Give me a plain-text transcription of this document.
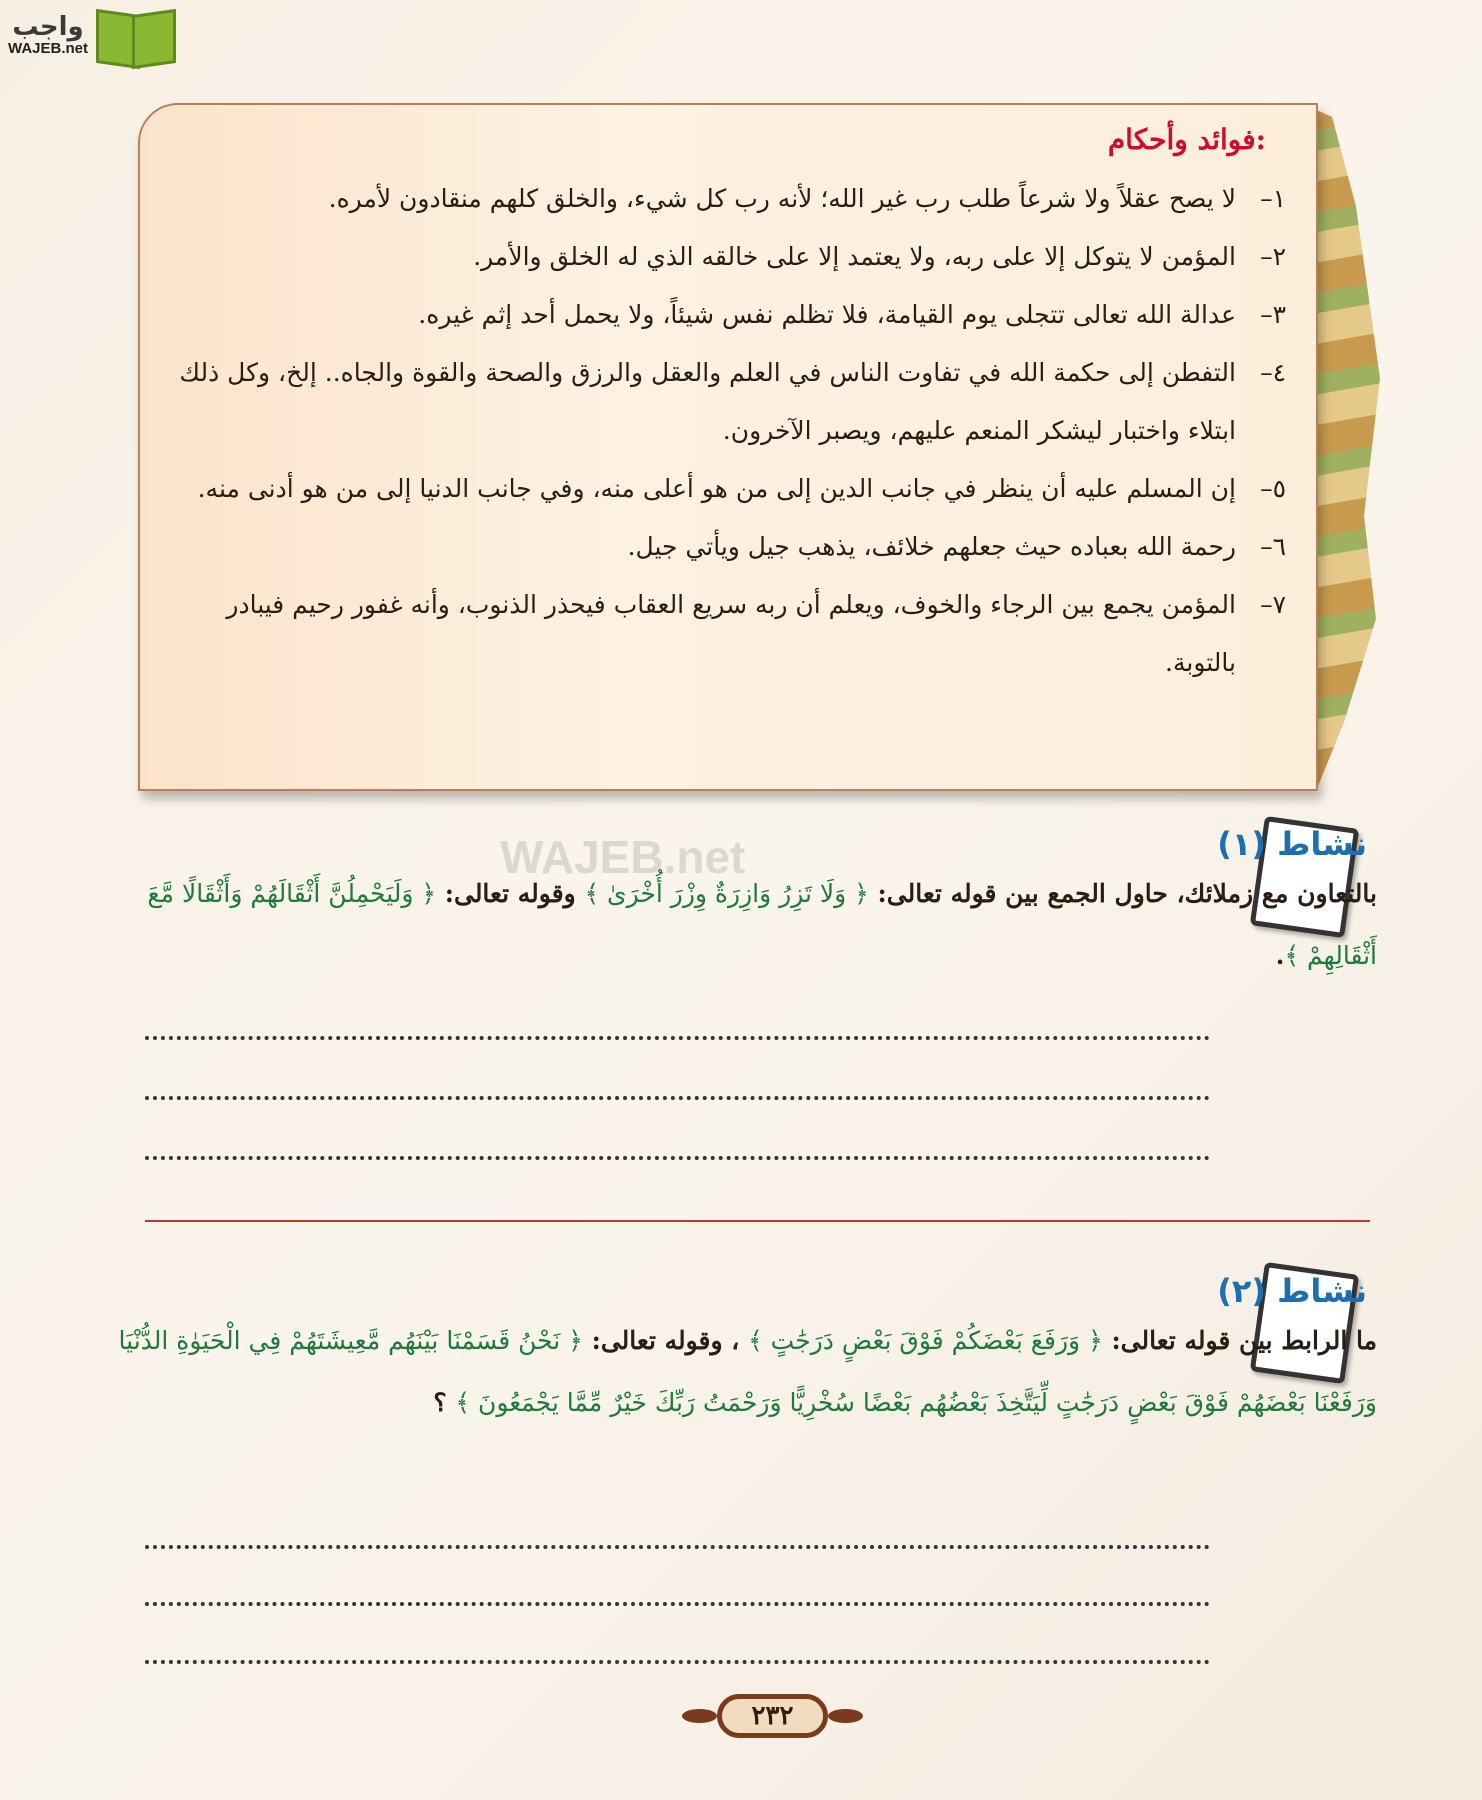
واجب
WAJEB.net
فوائد وأحكام:
١–
لا يصح عقلاً ولا شرعاً طلب رب غير الله؛ لأنه رب كل شيء، والخلق كلهم منقادون لأمره.
٢–
المؤمن لا يتوكل إلا على ربه، ولا يعتمد إلا على خالقه الذي له الخلق والأمر.
٣–
عدالة الله تعالى تتجلى يوم القيامة، فلا تظلم نفس شيئاً، ولا يحمل أحد إثم غيره.
٤–
التفطن إلى حكمة الله في تفاوت الناس في العلم والعقل والرزق والصحة والقوة والجاه.. إلخ، وكل ذلك ابتلاء واختبار ليشكر المنعم عليهم، ويصبر الآخرون.
٥–
إن المسلم عليه أن ينظر في جانب الدين إلى من هو أعلى منه، وفي جانب الدنيا إلى من هو أدنى منه.
٦–
رحمة الله بعباده حيث جعلهم خلائف، يذهب جيل ويأتي جيل.
٧–
المؤمن يجمع بين الرجاء والخوف، ويعلم أن ربه سريع العقاب فيحذر الذنوب، وأنه غفور رحيم فيبادر بالتوبة.
WAJEB.net	نشاط (١)
بالتعاون مع زملائك، حاول الجمع بين قوله تعالى: ﴿ وَلَا تَزِرُ وَازِرَةٌ وِزْرَ أُخْرَىٰ ﴾ وقوله تعالى: ﴿ وَلَيَحْمِلُنَّ أَثْقَالَهُمْ وَأَثْقَالًا مَّعَ أَثْقَالِهِمْ ﴾.
نشاط (٢)
ما الرابط بين قوله تعالى: ﴿ وَرَفَعَ بَعْضَكُمْ فَوْقَ بَعْضٍ دَرَجَٰتٍ ﴾ ، وقوله تعالى: ﴿ نَحْنُ قَسَمْنَا بَيْنَهُم مَّعِيشَتَهُمْ فِي الْحَيَوٰةِ الدُّنْيَا وَرَفَعْنَا بَعْضَهُمْ فَوْقَ بَعْضٍ دَرَجَٰتٍ لِّيَتَّخِذَ بَعْضُهُم بَعْضًا سُخْرِيًّا وَرَحْمَتُ رَبِّكَ خَيْرٌ مِّمَّا يَجْمَعُونَ ﴾ ؟
٢٣٢
